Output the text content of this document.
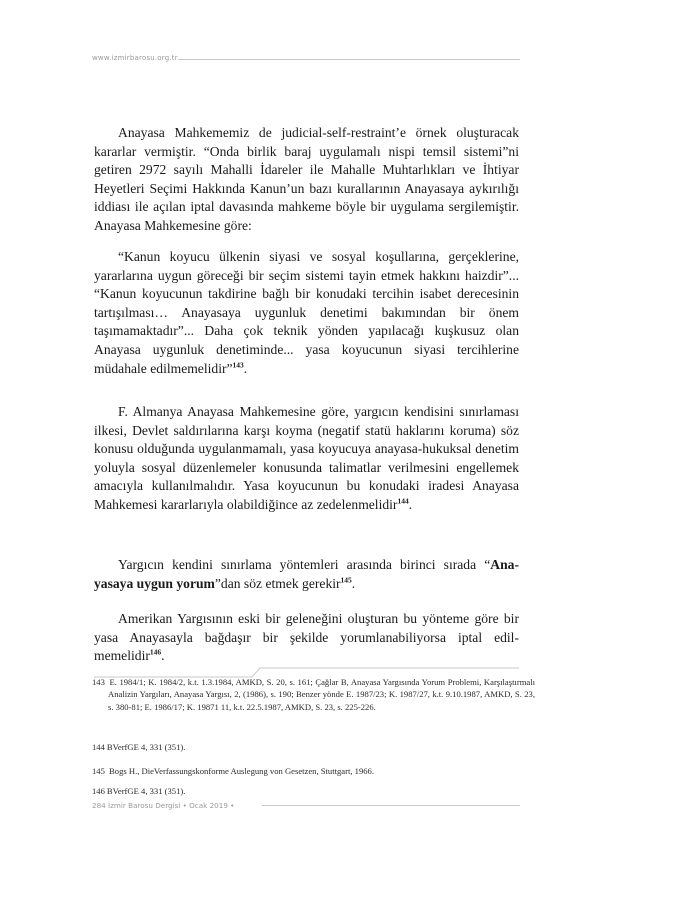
www.izmirbarosu.org.tr

Anayasa Mahkememiz de judicial-self-restraint’e örnek oluşturacak kararlar vermiştir. “Onda birlik baraj uygulamalı nispi temsil sistemi”ni getiren 2972 sayılı Mahalli İdareler ile Mahalle Muhtarlıkları ve İhtiyar Heyetleri Seçimi Hakkında Kanun’un bazı kurallarının Anayasaya aykırılığı iddiası ile açılan iptal davasında mahkeme böyle bir uygulama sergilemiştir. Anayasa Mahkemesine göre:

“Kanun koyucu ülkenin siyasi ve sosyal koşullarına, gerçeklerine, yararlarına uygun göreceği bir seçim sistemi tayin etmek hakkını haizdir”... “Kanun koyucunun takdirine bağlı bir konudaki tercihin isabet derecesinin tartışılması… Anayasaya uygunluk denetimi bakımından bir önem taşımamaktadır”... Daha çok teknik yönden yapılacağı kuşkusuz olan Anayasa uygunluk denetiminde... yasa koyucunun siyasi tercihlerine müdahale edilmemelidir”$^{143}$.

F. Almanya Anayasa Mahkemesine göre, yargıcın kendisini sınırlaması ilkesi, Devlet saldırılarına karşı koyma (negatif statü haklarını koruma) söz konusu olduğunda uygulanmamalı, yasa koyucuya anayasa-hukuksal denetim yoluyla sosyal düzenlemeler konusunda talimatlar verilmesini engellemek amacıyla kullanılmalıdır. Yasa koyucunun bu konudaki iradesi Anayasa Mahkemesi kararlarıyla olabildiğince az zedelenmelidir$^{144}$.

Yargıcın kendini sınırlama yöntemleri arasında birinci sırada “Anayasaya uygun yorum”dan söz etmek gerekir$^{145}$.

Amerikan Yargısının eski bir geleneğini oluşturan bu yönteme göre bir yasa Anayasayla bağdaşır bir şekilde yorumlanabiliyorsa iptal edilmemelidir$^{146}$.

143 E. 1984/1; K. 1984/2, k.t. 1.3.1984, AMKD, S. 20, s. 161; Çağlar B, Anayasa Yargısında Yorum Problemi, Karşılaştırmalı Analizin Yargıları, Anayasa Yargısı, 2, (1986), s. 190; Benzer yönde E. 1987/23; K. 1987/27, k.t. 9.10.1987, AMKD, S. 23, s. 380-81; E. 1986/17; K. 19871 11, k.t. 22.5.1987, AMKD, S. 23, s. 225-226.

144 BVerfGE 4, 331 (351).

145 Bogs H., DieVerfassungskonforme Auslegung von Gesetzen, Stuttgart, 1966.

146 BVerfGE 4, 331 (351).

284 İzmir Barosu Dergisi • Ocak 2019 •
